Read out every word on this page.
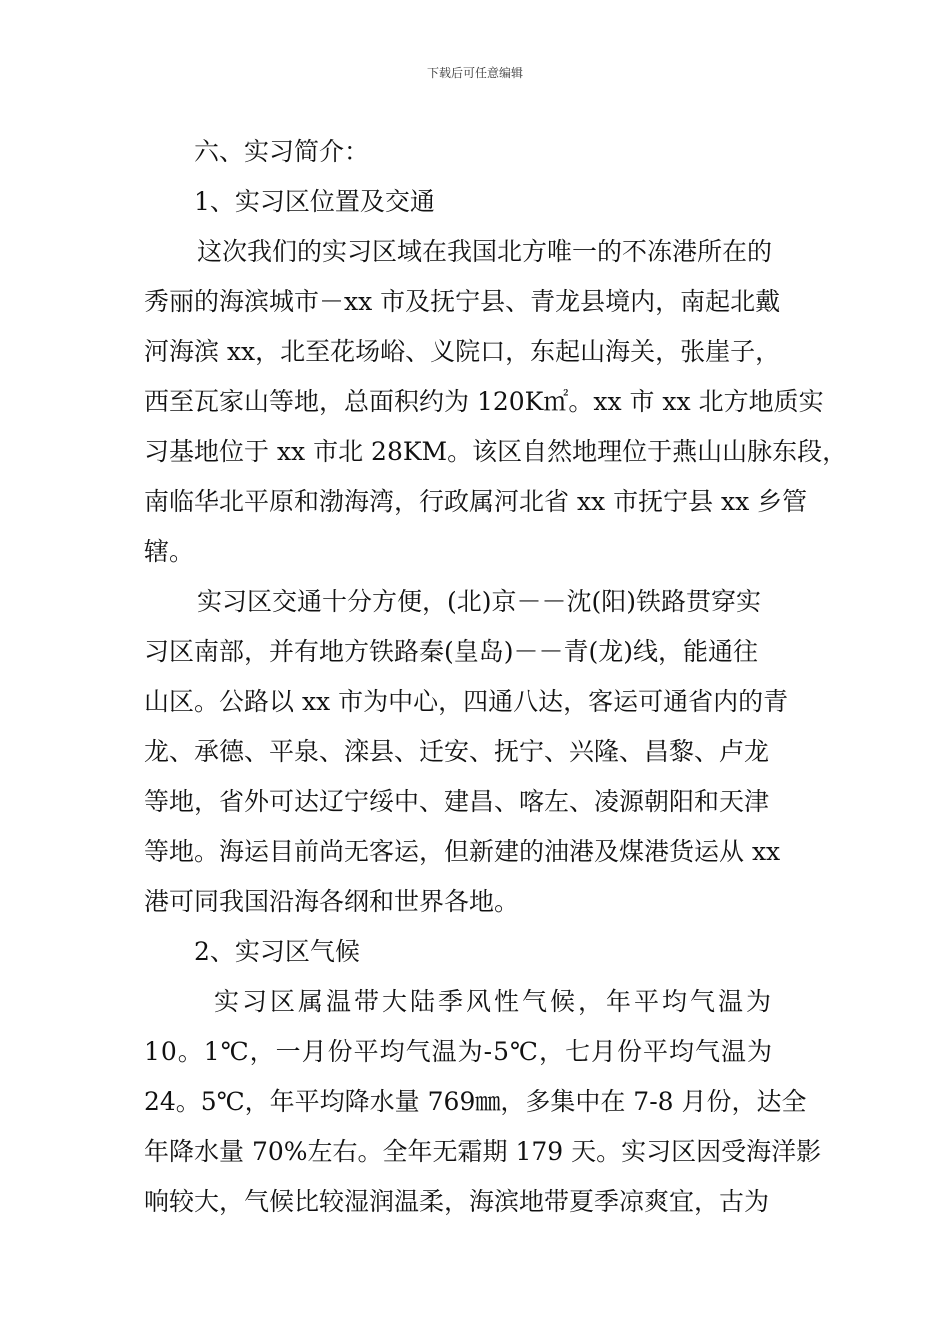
下载后可任意编辑
六、实习简介：
1、实习区位置及交通
这次我们的实习区域在我国北方唯一的不冻港所在的
秀丽的海滨城市－xx 市及抚宁县、青龙县境内，南起北戴
河海滨 xx，北至花场峪、义院口，东起山海关，张崖子，
西至瓦家山等地，总面积约为 120K㎡。xx 市 xx 北方地质实
习基地位于 xx 市北 28KM。该区自然地理位于燕山山脉东段，
南临华北平原和渤海湾，行政属河北省 xx 市抚宁县 xx 乡管
辖。
实习区交通十分方便，(北)京－－沈(阳)铁路贯穿实
习区南部，并有地方铁路秦(皇岛)－－青(龙)线，能通往
山区。公路以 xx 市为中心，四通八达，客运可通省内的青
龙、承德、平泉、滦县、迁安、抚宁、兴隆、昌黎、卢龙
等地，省外可达辽宁绥中、建昌、喀左、凌源朝阳和天津
等地。海运目前尚无客运，但新建的油港及煤港货运从 xx
港可同我国沿海各纲和世界各地。
2、实习区气候
实习区属温带大陆季风性气候，年平均气温为
10。1℃，一月份平均气温为-5℃，七月份平均气温为
24。5℃，年平均降水量 769㎜，多集中在 7-8 月份，达全
年降水量 70%左右。全年无霜期 179 天。实习区因受海洋影
响较大，气候比较湿润温柔，海滨地带夏季凉爽宜，古为
